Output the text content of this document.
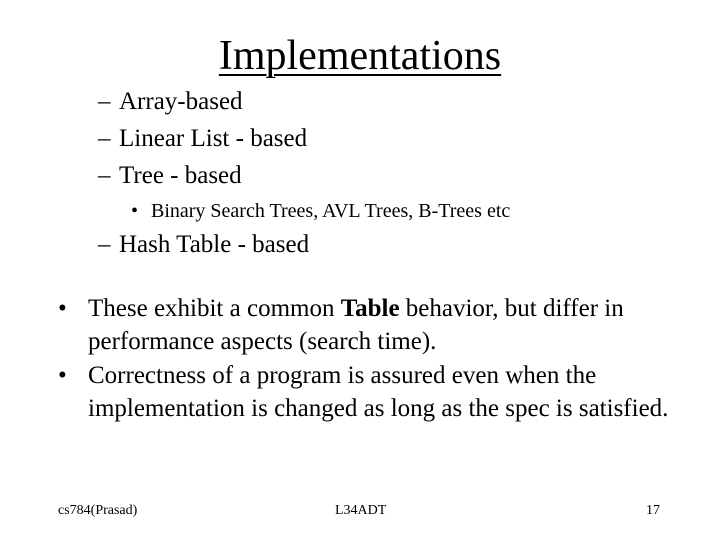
Implementations
– Array-based
– Linear List - based
– Tree - based
• Binary Search Trees, AVL Trees, B-Trees etc
– Hash Table - based
• These exhibit a common Table behavior, but differ in performance aspects (search time).
• Correctness of a program is assured even when the implementation is changed as long as the spec is satisfied.
cs784(Prasad)	L34ADT	17
